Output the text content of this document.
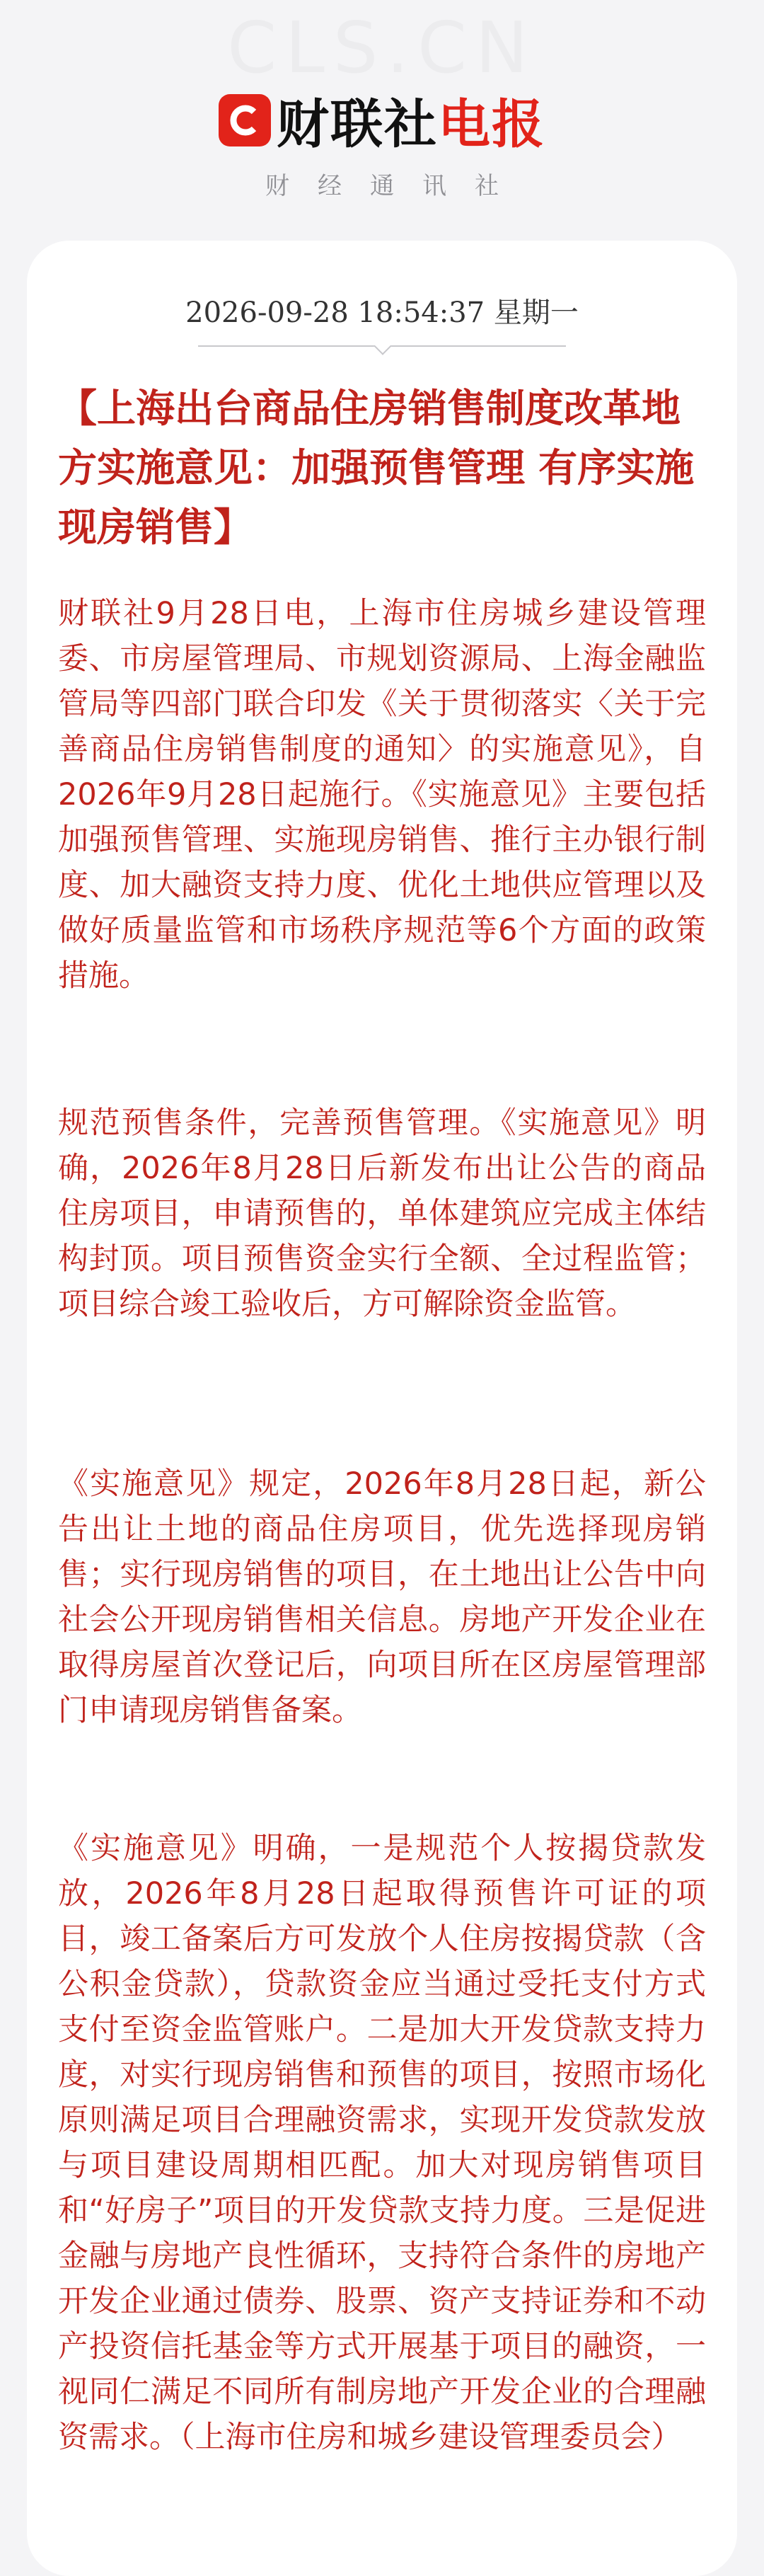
CLS.CN
财联社电报
财经通讯社
2026-09-28 18:54:37 星期一
【上海出台商品住房销售制度改革地方实施意见：加强预售管理 有序实施现房销售】

财联社9月28日电，上海市住房城乡建设管理委、市房屋管理局、市规划资源局、上海金融监管局等四部门联合印发《关于贯彻落实〈关于完善商品住房销售制度的通知〉的实施意见》，自2026年9月28日起施行。《实施意见》主要包括加强预售管理、实施现房销售、推行主办银行制度、加大融资支持力度、优化土地供应管理以及做好质量监管和市场秩序规范等6个方面的政策措施。

规范预售条件，完善预售管理。《实施意见》明确，2026年8月28日后新发布出让公告的商品住房项目，申请预售的，单体建筑应完成主体结构封顶。项目预售资金实行全额、全过程监管；项目综合竣工验收后，方可解除资金监管。

《实施意见》规定，2026年8月28日起，新公告出让土地的商品住房项目，优先选择现房销售；实行现房销售的项目，在土地出让公告中向社会公开现房销售相关信息。房地产开发企业在取得房屋首次登记后，向项目所在区房屋管理部门申请现房销售备案。

《实施意见》明确，一是规范个人按揭贷款发放，2026年8月28日起取得预售许可证的项目，竣工备案后方可发放个人住房按揭贷款（含公积金贷款），贷款资金应当通过受托支付方式支付至资金监管账户。二是加大开发贷款支持力度，对实行现房销售和预售的项目，按照市场化原则满足项目合理融资需求，实现开发贷款发放与项目建设周期相匹配。加大对现房销售项目和“好房子”项目的开发贷款支持力度。三是促进金融与房地产良性循环，支持符合条件的房地产开发企业通过债券、股票、资产支持证券和不动产投资信托基金等方式开展基于项目的融资，一视同仁满足不同所有制房地产开发企业的合理融资需求。（上海市住房和城乡建设管理委员会）
